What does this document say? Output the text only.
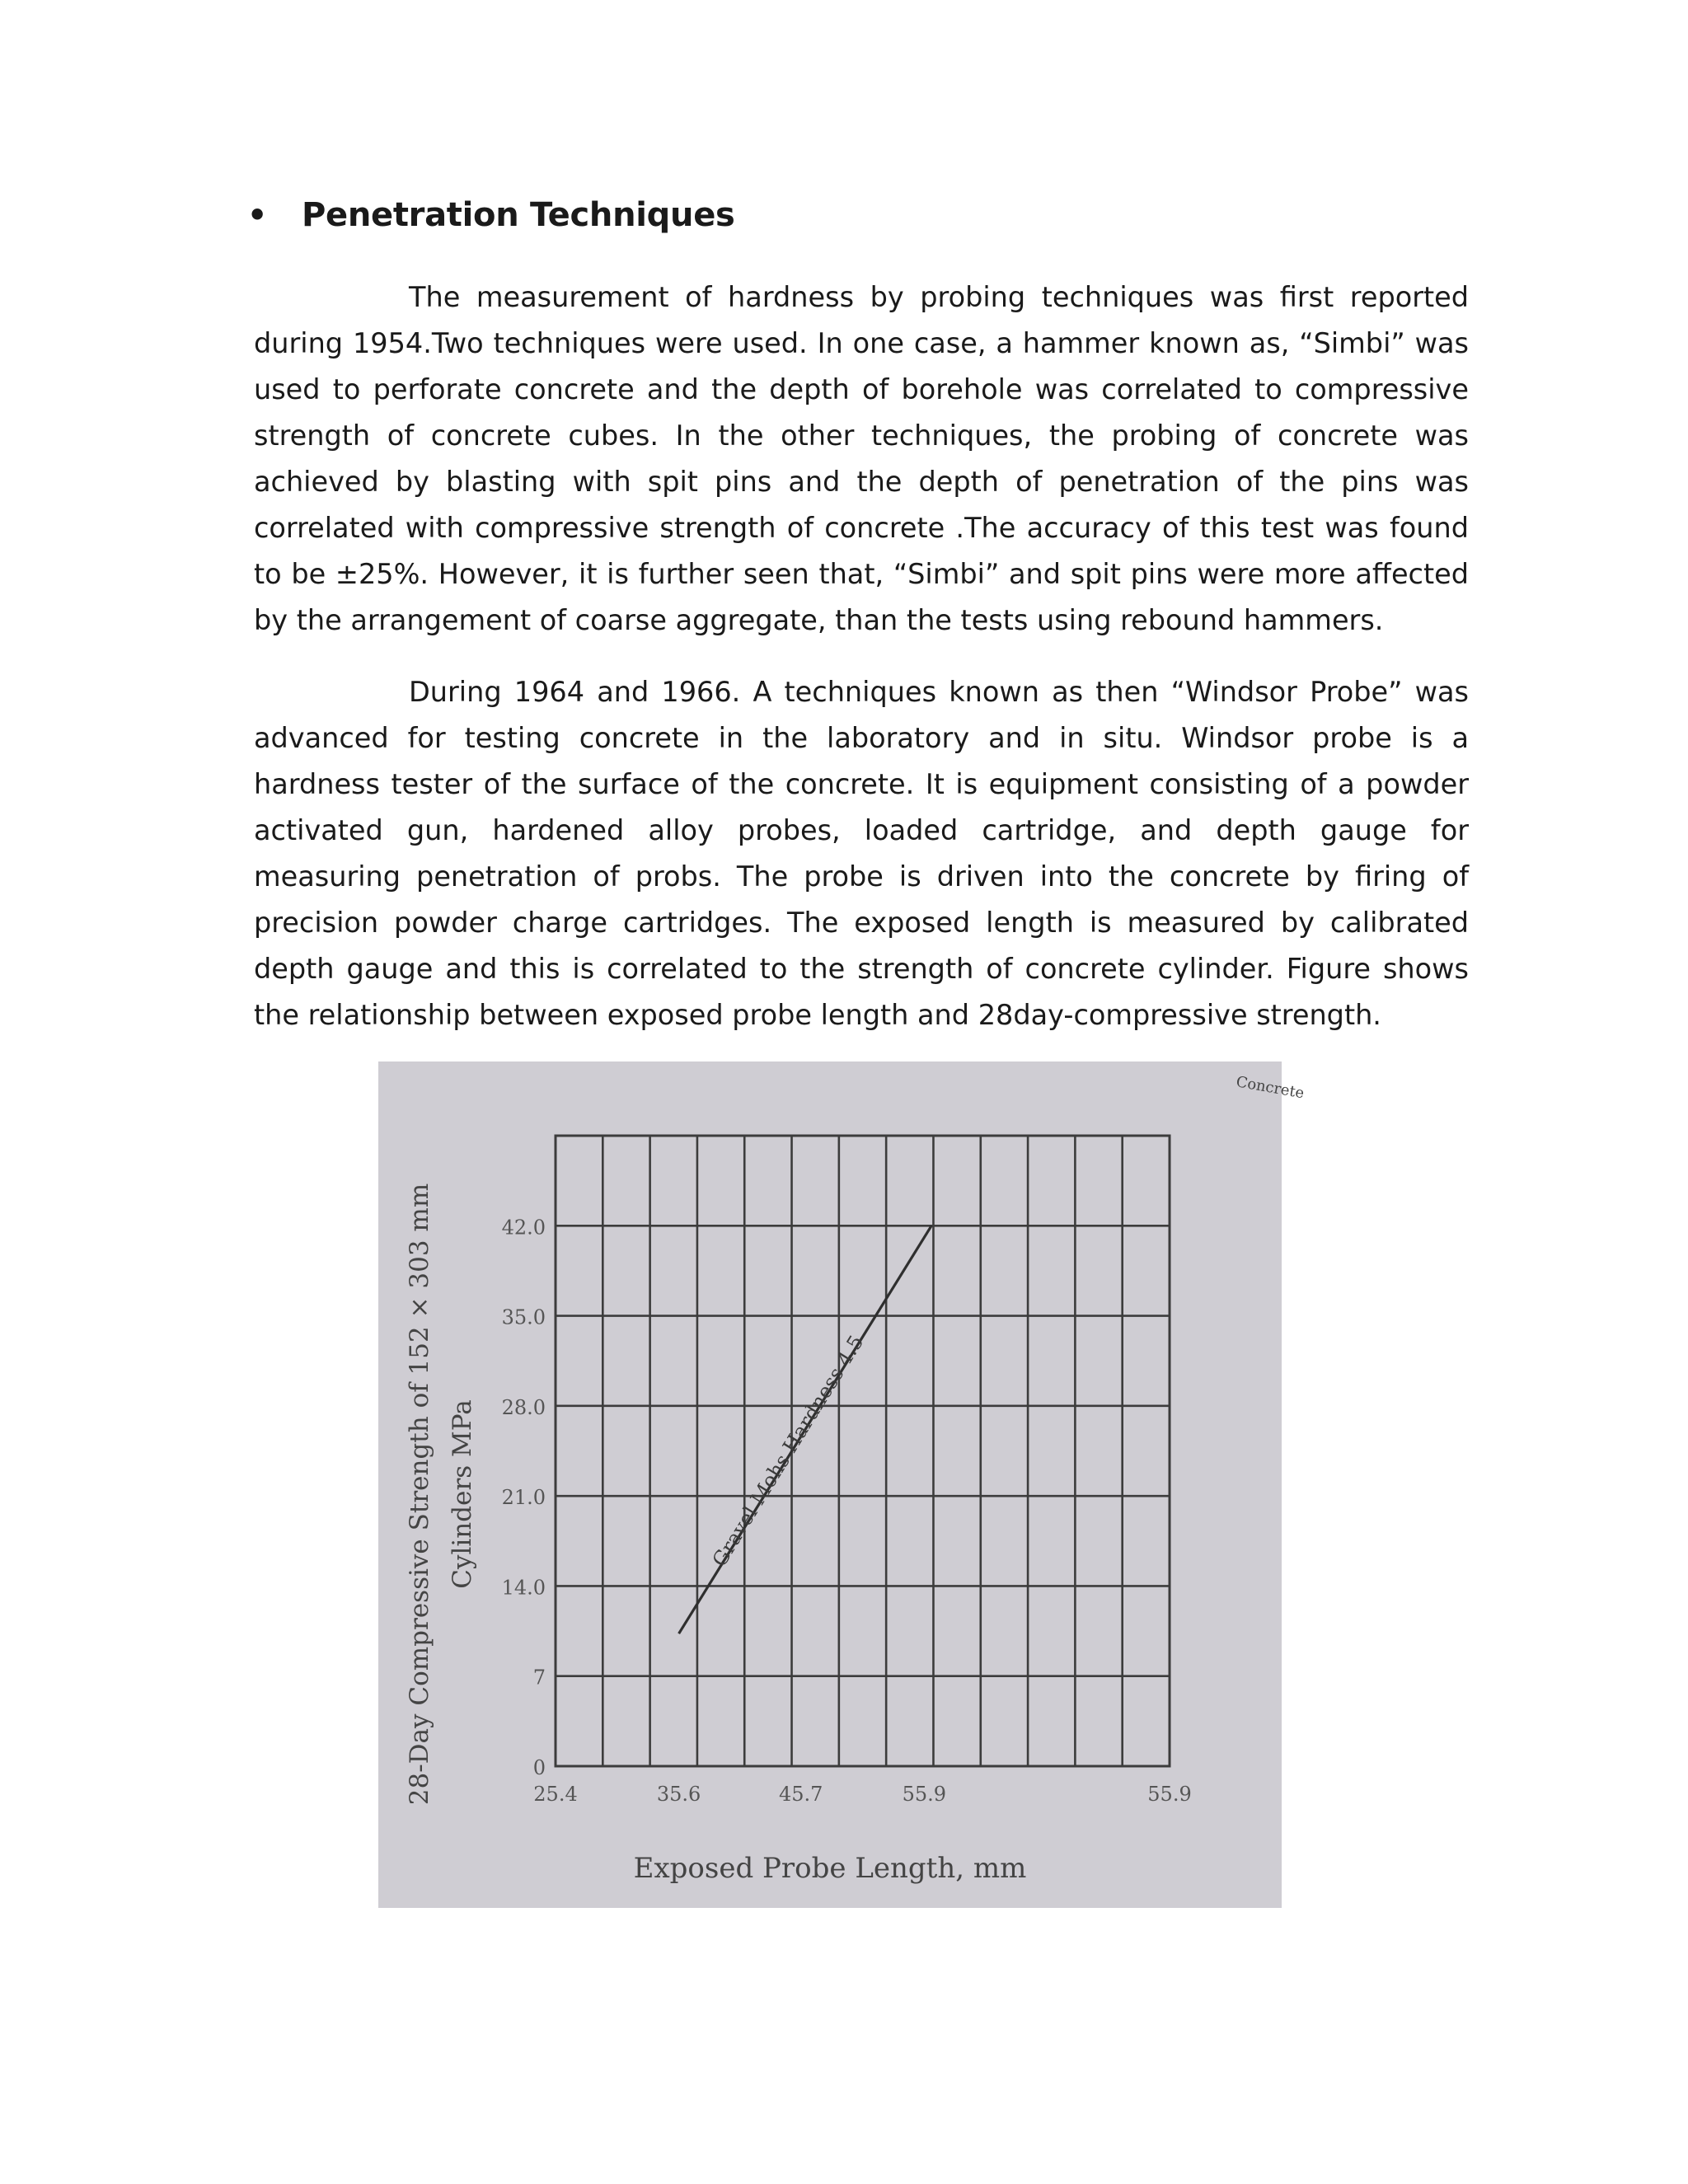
• Penetration Techniques

The measurement of hardness by probing techniques was first reported during 1954.Two techniques were used. In one case, a hammer known as, “Simbi” was used to perforate concrete and the depth of borehole was correlated to compressive strength of concrete cubes. In the other techniques, the probing of concrete was achieved by blasting with spit pins and the depth of penetration of the pins was correlated with compressive strength of concrete .The accuracy of this test was found to be ±25%. However, it is further seen that, “Simbi” and spit pins were more affected by the arrangement of coarse aggregate, than the tests using rebound hammers.

During 1964 and 1966. A techniques known as then “Windsor Probe” was advanced for testing concrete in the laboratory and in situ. Windsor probe is a hardness tester of the surface of the concrete. It is equipment consisting of a powder activated gun, hardened alloy probes, loaded cartridge, and depth gauge for measuring penetration of probs. The probe is driven into the concrete by firing of precision powder charge cartridges. The exposed length is measured by calibrated depth gauge and this is correlated to the strength of concrete cylinder. Figure shows the relationship between exposed probe length and 28day-compressive strength.

Gravel Mohs Hardness 4.5
0
7
14.0
21.0
28.0
35.0
42.0
25.4	35.6	45.7	55.9	55.9
Concrete
Exposed Probe Length, mm
28-Day Compressive Strength of 152 × 303 mm Cylinders MPa
